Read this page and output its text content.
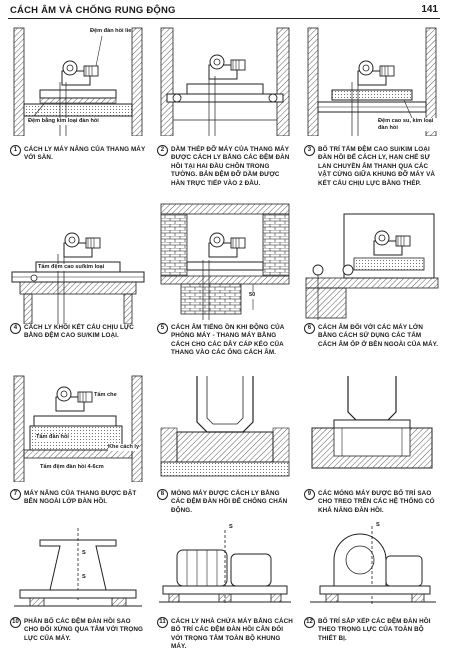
CÁCH ÂM VÀ CHỐNG RUNG ĐỘNG	141
Đệm đàn hồi lie
Đệm bằng kim loại đàn hồi
1	CÁCH LY MÁY NÂNG CỦA THANG MÁY VỚI SÀN.
2	DẦM THÉP ĐỠ MÁY CỦA THANG MÁY ĐƯỢC CÁCH LY BẰNG CÁC ĐỆM ĐÀN HỒI TẠI HAI ĐẦU CHÔN TRONG TƯỜNG. BẢN ĐỆM ĐỠ DẦM ĐƯỢC HÀN TRỰC TIẾP VÀO 2 ĐẦU.
Đệm cao su, kim loại đàn hồi
3	BỐ TRÍ TẤM ĐỆM CAO SU/KIM LOẠI ĐÀN HỒI ĐỂ CÁCH LY, HẠN CHẾ SỰ LAN CHUYỀN ÂM THANH QUA CÁC VẬT CỨNG GIỮA KHUNG ĐỠ MÁY VÀ KẾT CẤU CHỊU LỰC BẰNG THÉP.
Tấm đệm cao su/kim loại
4	CÁCH LY KHỐI KẾT CẤU CHỊU LỰC BẰNG ĐỆM CAO SU/KIM LOẠI.
50
5	CÁCH ÂM TIẾNG ỒN KHI ĐỘNG CỦA PHÒNG MÁY - THANG MÁY BẰNG CÁCH CHO CÁC DÂY CÁP KÉO CỦA THANG VÀO CÁC ỐNG CÁCH ÂM.
6	CÁCH ÂM ĐỐI VỚI CÁC MÁY LỚN BẰNG CÁCH SỬ DỤNG CÁC TẤM CÁCH ÂM ỐP Ở BÊN NGOÀI CỦA MÁY.
Tấm che
Tấm đàn hồi
Khe cách ly
Tấm đệm đàn hồi 4-6cm
7	MÁY NÂNG CỦA THANG ĐƯỢC ĐẶT BÊN NGOÀI LỚP ĐÀN HỒI.
8	MÓNG MÁY ĐƯỢC CÁCH LY BẰNG CÁC ĐỆM ĐÀN HỒI ĐỂ CHỐNG CHẤN ĐỘNG.
9	CÁC MÓNG MÁY ĐƯỢC BỐ TRÍ SAO CHO TREO TRÊN CÁC HỆ THỐNG CÓ KHẢ NĂNG ĐÀN HỒI.
S
S
10 PHÂN BỐ CÁC ĐỆM ĐÀN HỒI SAO CHO ĐỐI XỨNG QUA TÂM VỚI TRỌNG LỰC CỦA MÁY.
S
11 CÁCH LY NHÀ CHỨA MÁY BẰNG CÁCH BỐ TRÍ CÁC ĐỆM ĐÀN HỒI CÂN ĐỐI VỚI TRỌNG TÂM TOÀN BỘ KHUNG MÁY.
S
12 BỐ TRÍ SẮP XẾP CÁC ĐỆM ĐÀN HỒI THEO TRỌNG LỰC CỦA TOÀN BỘ THIẾT BỊ.
